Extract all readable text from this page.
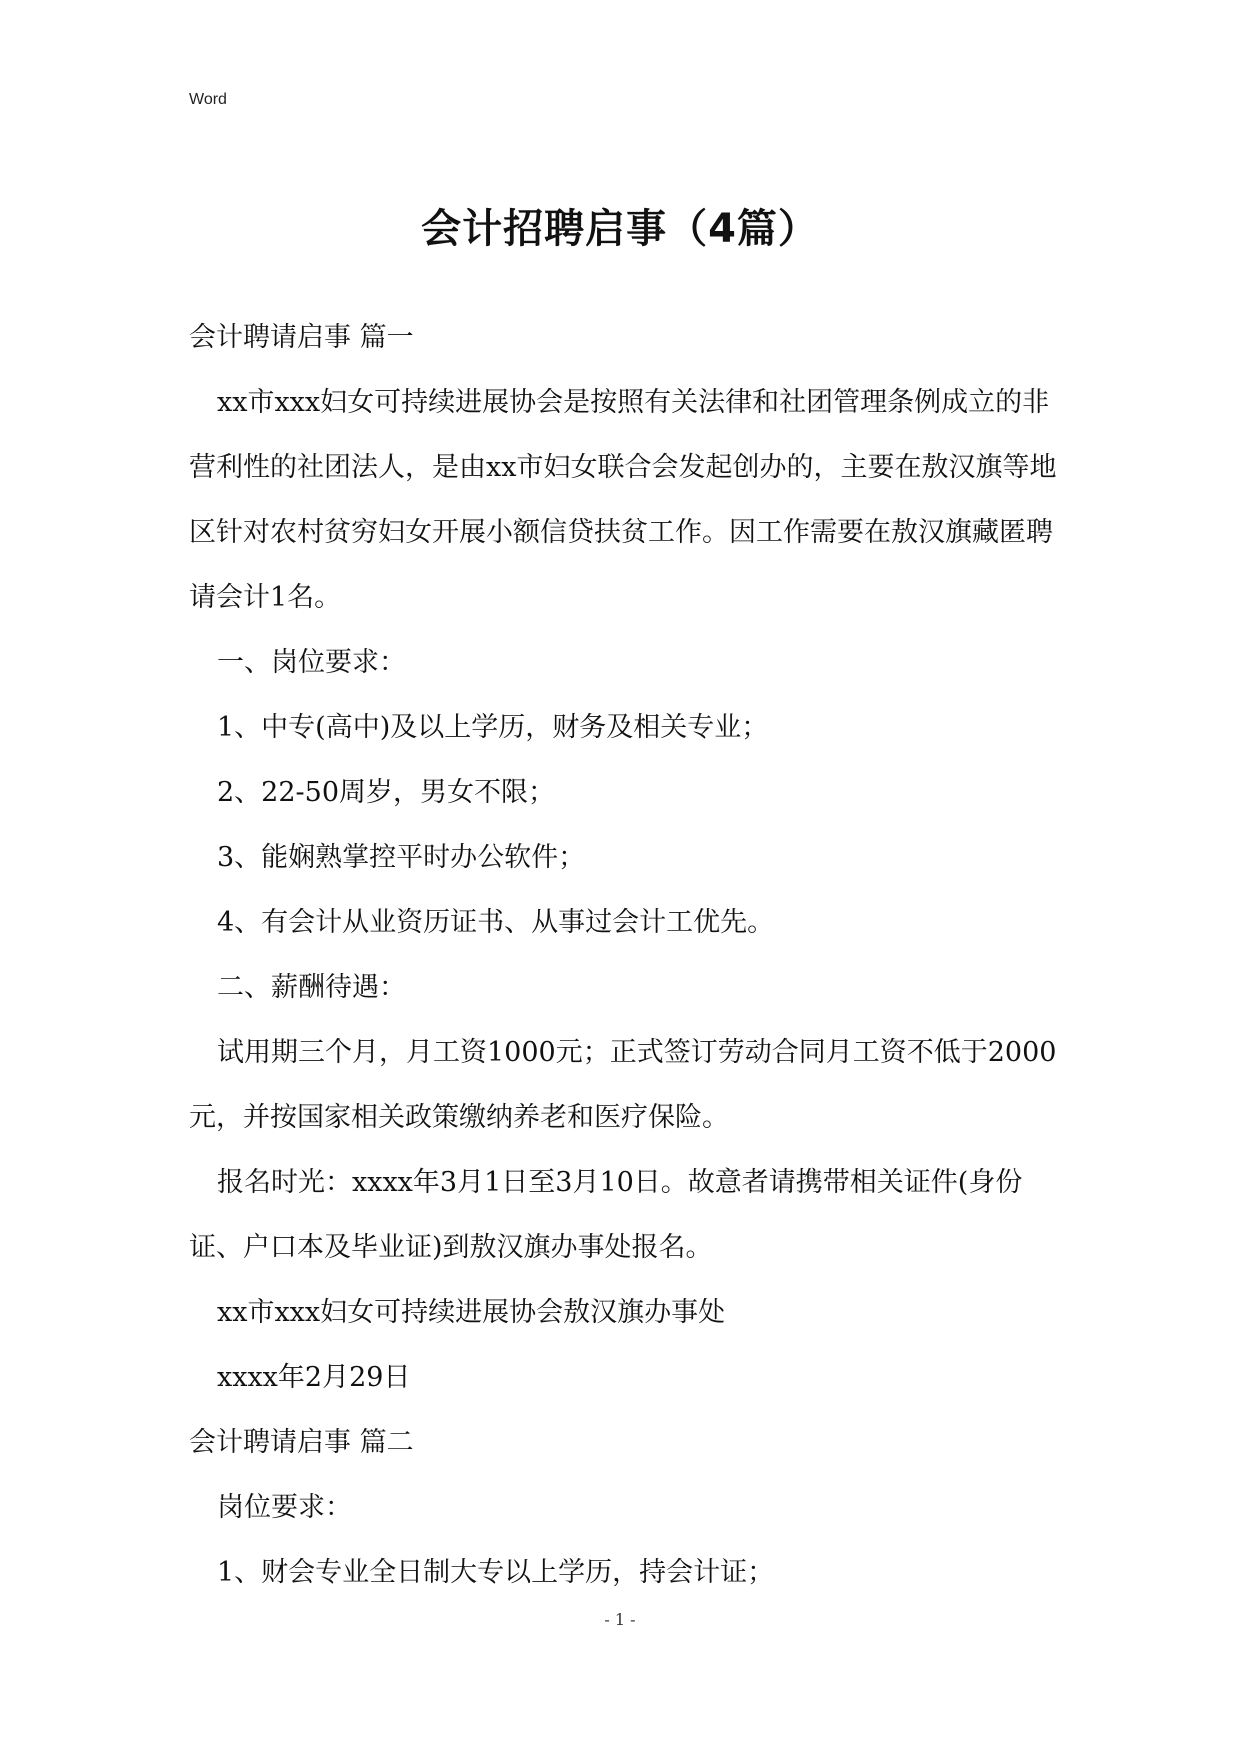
Word
会计招聘启事（4篇）

会计聘请启事 篇一

xx市xxx妇女可持续进展协会是按照有关法律和社团管理条例成立的非营利性的社团法人，是由xx市妇女联合会发起创办的，主要在敖汉旗等地区针对农村贫穷妇女开展小额信贷扶贫工作。因工作需要在敖汉旗藏匿聘请会计1名。

一、岗位要求：

1、中专(高中)及以上学历，财务及相关专业；

2、22-50周岁，男女不限；

3、能娴熟掌控平时办公软件；

4、有会计从业资历证书、从事过会计工优先。

二、薪酬待遇：

试用期三个月，月工资1000元；正式签订劳动合同月工资不低于2000元，并按国家相关政策缴纳养老和医疗保险。

报名时光：xxxx年3月1日至3月10日。故意者请携带相关证件(身份证、户口本及毕业证)到敖汉旗办事处报名。

xx市xxx妇女可持续进展协会敖汉旗办事处

xxxx年2月29日

会计聘请启事 篇二

岗位要求：

1、财会专业全日制大专以上学历，持会计证；

- 1 -
